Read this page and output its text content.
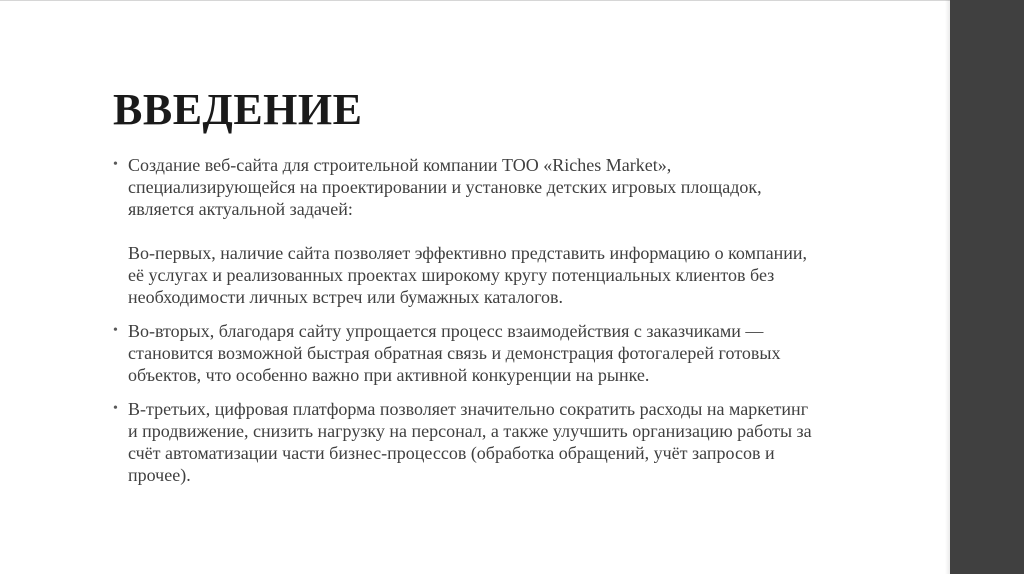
ВВЕДЕНИЕ
• Создание веб-сайта для строительной компании ТОО «Riches Market», специализирующейся на проектировании и установке детских игровых площадок, является актуальной задачей:
Во-первых, наличие сайта позволяет эффективно представить информацию о компании, её услугах и реализованных проектах широкому кругу потенциальных клиентов без необходимости личных встреч или бумажных каталогов.
• Во-вторых, благодаря сайту упрощается процесс взаимодействия с заказчиками — становится возможной быстрая обратная связь и демонстрация фотогалерей готовых объектов, что особенно важно при активной конкуренции на рынке.
• В-третьих, цифровая платформа позволяет значительно сократить расходы на маркетинг и продвижение, снизить нагрузку на персонал, а также улучшить организацию работы за счёт автоматизации части бизнес-процессов (обработка обращений, учёт запросов и прочее).
